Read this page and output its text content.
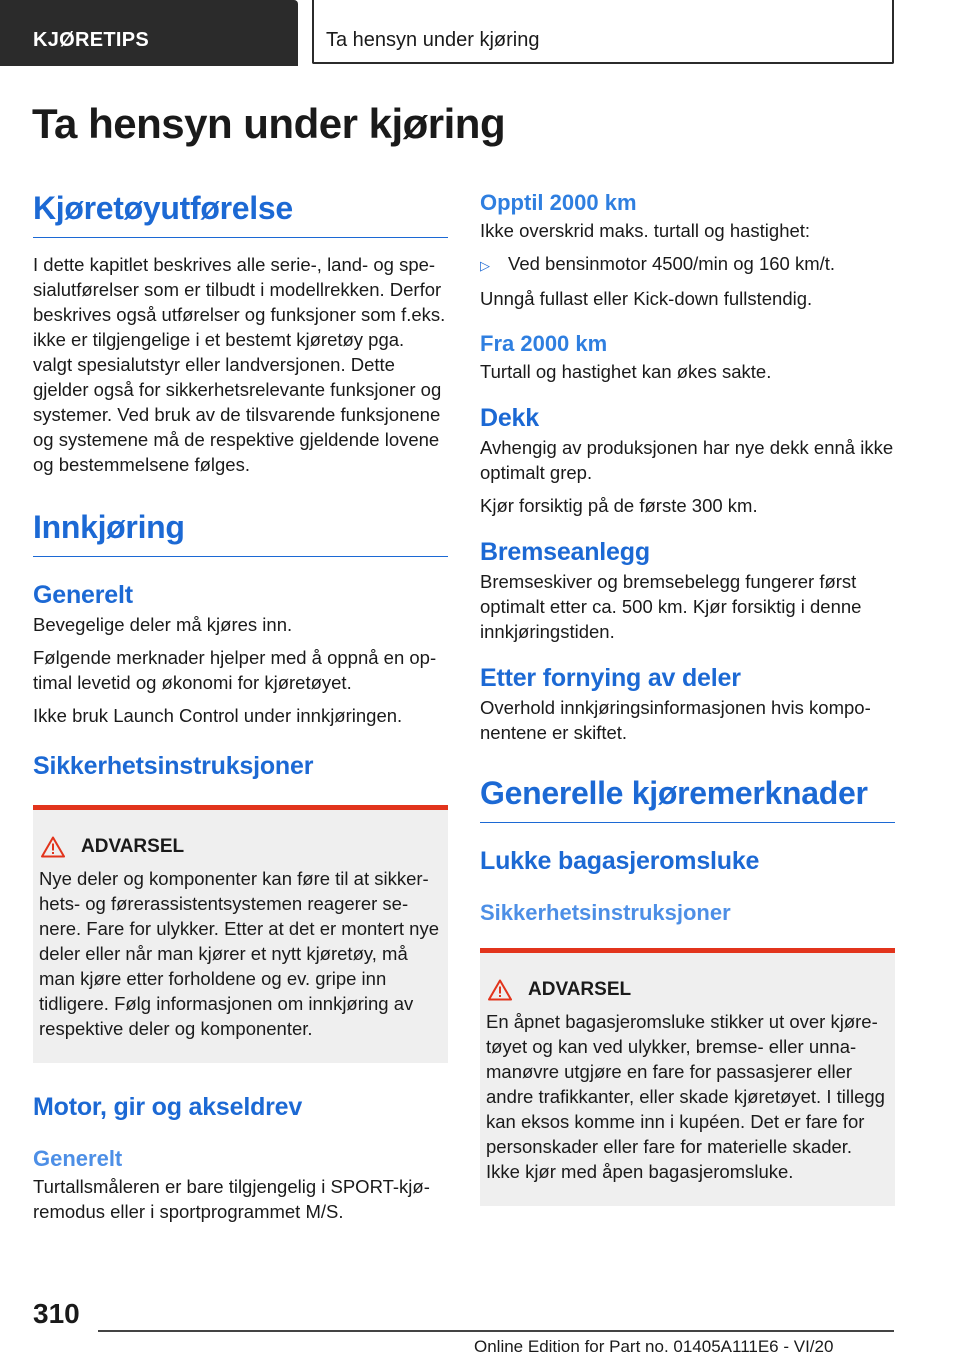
KJØRETIPS	Ta hensyn under kjøring
Ta hensyn under kjøring
Kjøretøyutførelse

I dette kapitlet beskrives alle serie-, land- og spesialutførelser som er tilbudt i modellrekken. Derfor beskrives også utførelser og funksjoner som f.eks. ikke er tilgjengelige i et bestemt kjøretøy pga. valgt spesialutstyr eller landversjonen. Dette gjelder også for sikkerhetsrelevante funksjoner og systemer. Ved bruk av de tilsvarende funksjonene og systemene må de respektive gjeldende lovene og bestemmelsene følges.

Innkjøring
Generelt

Bevegelige deler må kjøres inn.

Følgende merknader hjelper med å oppnå en optimal levetid og økonomi for kjøretøyet.

Ikke bruk Launch Control under innkjøringen.

Sikkerhetsinstruksjoner
ADVARSEL

Nye deler og komponenter kan føre til at sikkerhets- og førerassistentsystemen reagerer senere. Fare for ulykker. Etter at det er montert nye deler eller når man kjører et nytt kjøretøy, må man kjøre etter forholdene og ev. gripe inn tidligere. Følg informasjonen om innkjøring av respektive deler og komponenter.

Motor, gir og akseldrev
Generelt

Turtallsmåleren er bare tilgjengelig i SPORT-kjøremodus eller i sportprogrammet M/S.

Opptil 2000 km

Ikke overskrid maks. turtall og hastighet:

▷ Ved bensinmotor 4500/min og 160 km/t.

Unngå fullast eller Kick-down fullstendig.

Fra 2000 km

Turtall og hastighet kan økes sakte.

Dekk

Avhengig av produksjonen har nye dekk ennå ikke optimalt grep.

Kjør forsiktig på de første 300 km.

Bremseanlegg

Bremseskiver og bremsebelegg fungerer først optimalt etter ca. 500 km. Kjør forsiktig i denne innkjøringstiden.

Etter fornying av deler

Overhold innkjøringsinformasjonen hvis komponentene er skiftet.

Generelle kjøremerknader
Lukke bagasjeromsluke
Sikkerhetsinstruksjoner
ADVARSEL

En åpnet bagasjeromsluke stikker ut over kjøretøyet og kan ved ulykker, bremse- eller unnamanøvre utgjøre en fare for passasjerer eller andre trafikkanter, eller skade kjøretøyet. I tillegg kan eksos komme inn i kupéen. Det er fare for personskader eller fare for materielle skader. Ikke kjør med åpen bagasjeromsluke.

310
Online Edition for Part no. 01405A111E6 - VI/20
